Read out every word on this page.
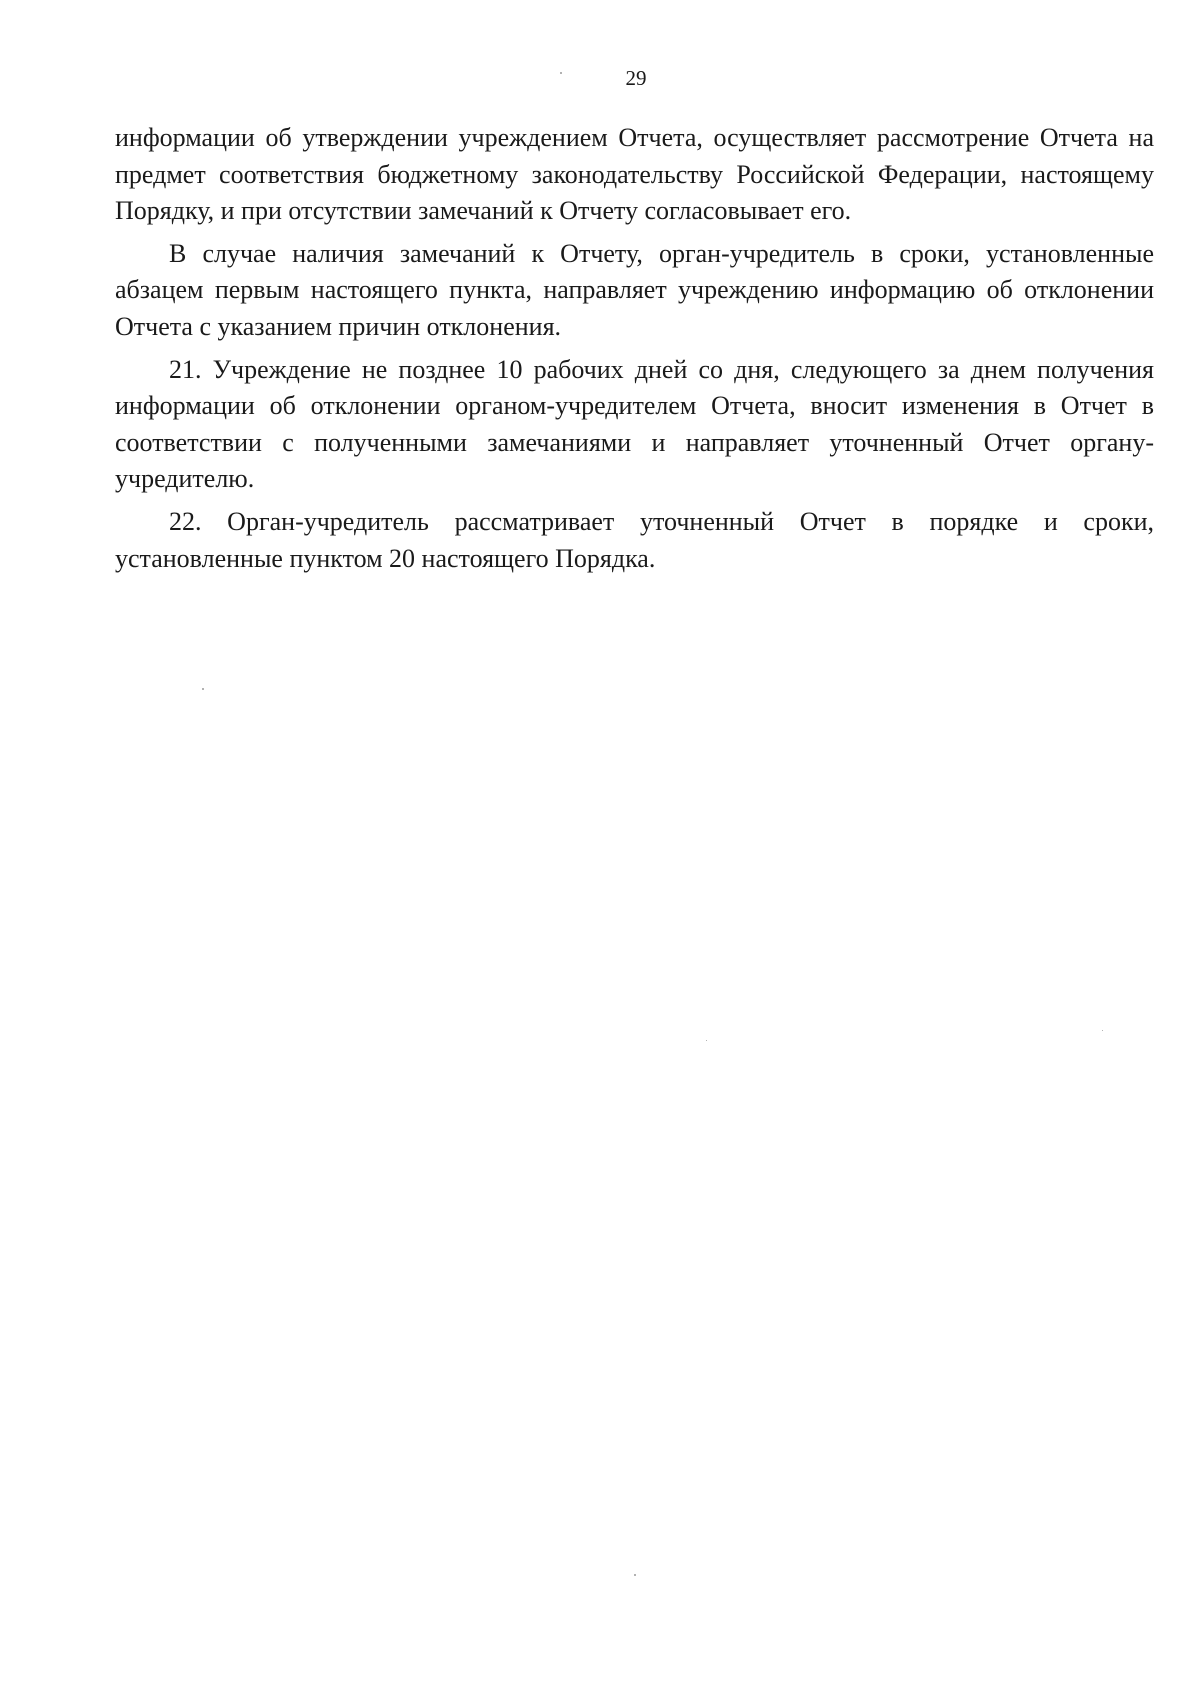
29

информации об утверждении учреждением Отчета, осуществляет рассмотрение Отчета на предмет соответствия бюджетному законодательству Российской Федерации, настоящему Порядку, и при отсутствии замечаний к Отчету согласовывает его.

В случае наличия замечаний к Отчету, орган-учредитель в сроки, установленные абзацем первым настоящего пункта, направляет учреждению информацию об отклонении Отчета с указанием причин отклонения.

21. Учреждение не позднее 10 рабочих дней со дня, следующего за днем получения информации об отклонении органом-учредителем Отчета, вносит изменения в Отчет в соответствии с полученными замечаниями и направляет уточненный Отчет органу-учредителю.

22. Орган-учредитель рассматривает уточненный Отчет в порядке и сроки, установленные пунктом 20 настоящего Порядка.
